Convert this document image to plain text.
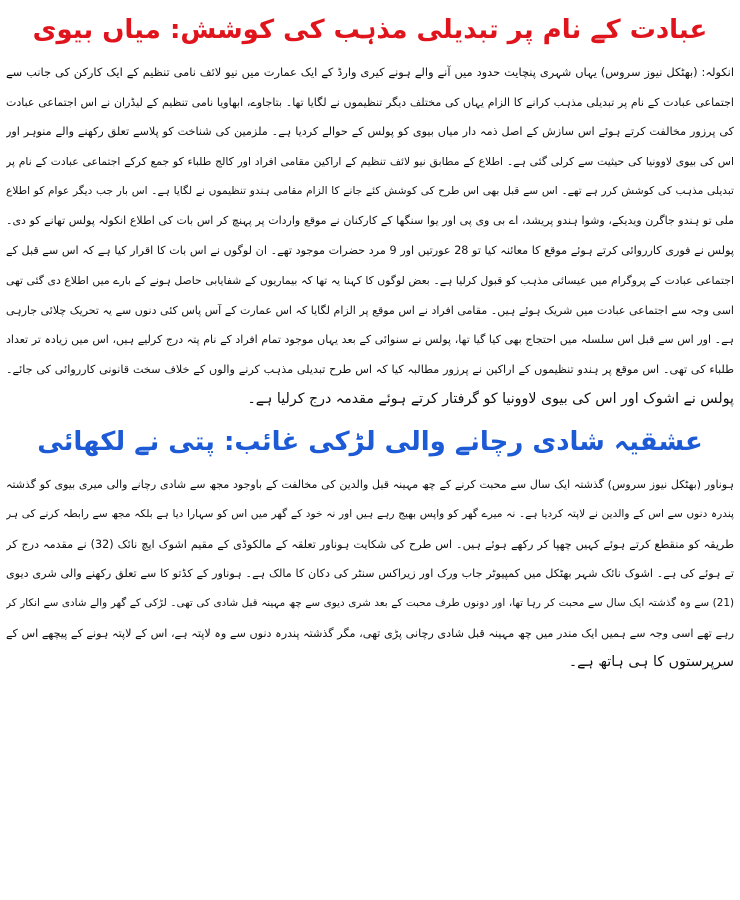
عبادت کے نام پر تبدیلی مذہب کی کوشش: میاں بیوی
انکولہ: (بھٹکل نیوز سروس) یہاں شہری پنچایت حدود میں آنے والے ہونے کیری وارڈ کے ایک عمارت میں نیو لائف نامی تنظیم کے ایک کارکن کی جانب سے
اجتماعی عبادت کے نام پر تبدیلی مذہب کرانے کا الزام یہاں کی مختلف دیگر تنظیموں نے لگایا تھا۔ بتاجاوے، ابھاویا نامی تنظیم کے لیڈران نے اس اجتماعی عبادت
کی پرزور مخالفت کرتے ہوئے اس سازش کے اصل ذمہ دار میاں بیوی کو پولس کے حوالے کردیا ہے۔ ملزمین کی شناخت کو پلاسے تعلق رکھنے والے منوہر اور
اس کی بیوی لاوونیا کی حیثیت سے کرلی گئی ہے۔ اطلاع کے مطابق نیو لائف تنظیم کے اراکین مقامی افراد اور کالج طلباء کو جمع کرکے اجتماعی عبادت کے نام پر
تبدیلی مذہب کی کوشش کرر ہے تھے۔ اس سے قبل بھی اس طرح کی کوشش کئے جانے کا الزام مقامی ہندو تنظیموں نے لگایا ہے۔ اس بار جب دیگر عوام کو اطلاع
ملی تو ہندو جاگرن ویدیکے، وشوا ہندو پریشد، اے بی وی پی اور یوا سنگھا کے کارکنان نے موقع واردات پر پہنچ کر اس بات کی اطلاع انکولہ پولس تھانے کو دی۔
پولس نے فوری کارروائی کرتے ہوئے موقع کا معائنہ کیا تو 28 عورتیں اور 9 مرد حضرات موجود تھے۔ ان لوگوں نے اس بات کا اقرار کیا ہے کہ اس سے قبل کے
اجتماعی عبادت کے پروگرام میں عیسائی مذہب کو قبول کرلیا ہے۔ بعض لوگوں کا کہنا یہ تھا کہ بیماریوں کے شفایابی حاصل ہونے کے بارے میں اطلاع دی گئی تھی
اسی وجہ سے اجتماعی عبادت میں شریک ہوئے ہیں۔ مقامی افراد نے اس موقع پر الزام لگایا کہ اس عمارت کے آس پاس کئی دنوں سے یہ تحریک چلائی جارہی
ہے۔ اور اس سے قبل اس سلسلہ میں احتجاج بھی کیا گیا تھا، پولس نے سنوائی کے بعد یہاں موجود تمام افراد کے نام پتہ درج کرلیے ہیں، اس میں زیادہ تر تعداد
طلباء کی تھی۔ اس موقع پر ہندو تنظیموں کے اراکین نے پرزور مطالبہ کیا کہ اس طرح تبدیلی مذہب کرنے والوں کے خلاف سخت قانونی کارروائی کی جائے۔
پولس نے اشوک اور اس کی بیوی لاوونیا کو گرفتار کرتے ہوئے مقدمہ درج کرلیا ہے۔
عشقیہ شادی رچانے والی لڑکی غائب: پتی نے لکھائی
ہوناور (بھٹکل نیوز سروس) گذشتہ ایک سال سے محبت کرنے کے چھ مہینہ قبل والدین کی مخالفت کے باوجود مجھ سے شادی رچانے والی میری بیوی کو گذشتہ
پندرہ دنوں سے اس کے والدین نے لاپتہ کردیا ہے۔ نہ میرے گھر کو واپس بھیج رہے ہیں اور نہ خود کے گھر میں اس کو سہارا دیا ہے بلکہ مجھ سے رابطہ کرنے کی ہر
طریقہ کو منقطع کرتے ہوئے کہیں چھپا کر رکھے ہوئے ہیں۔ اس طرح کی شکایت ہوناور تعلقہ کے مالکوڈی کے مقیم اشوک ایچ نائک (32) نے مقدمہ درج کر
تے ہوئے کی ہے۔ اشوک نائک شہر بھٹکل میں کمپیوٹر جاب ورک اور زیراکس سنٹر کی دکان کا مالک ہے۔ ہوناور کے کڈتو کا سے تعلق رکھنے والی شری دیوی
(21) سے وہ گذشتہ ایک سال سے محبت کر رہا تھا، اور دونوں طرف محبت کے بعد شری دیوی سے چھ مہینہ قبل شادی کی تھی۔ لڑکی کے گھر والے شادی سے انکار کر
رہے تھے اسی وجہ سے ہمیں ایک مندر میں چھ مہینہ قبل شادی رچانی پڑی تھی، مگر گذشتہ پندرہ دنوں سے وہ لاپتہ ہے، اس کے لاپتہ ہونے کے پیچھے اس کے
سرپرستوں کا ہی ہاتھ ہے۔
